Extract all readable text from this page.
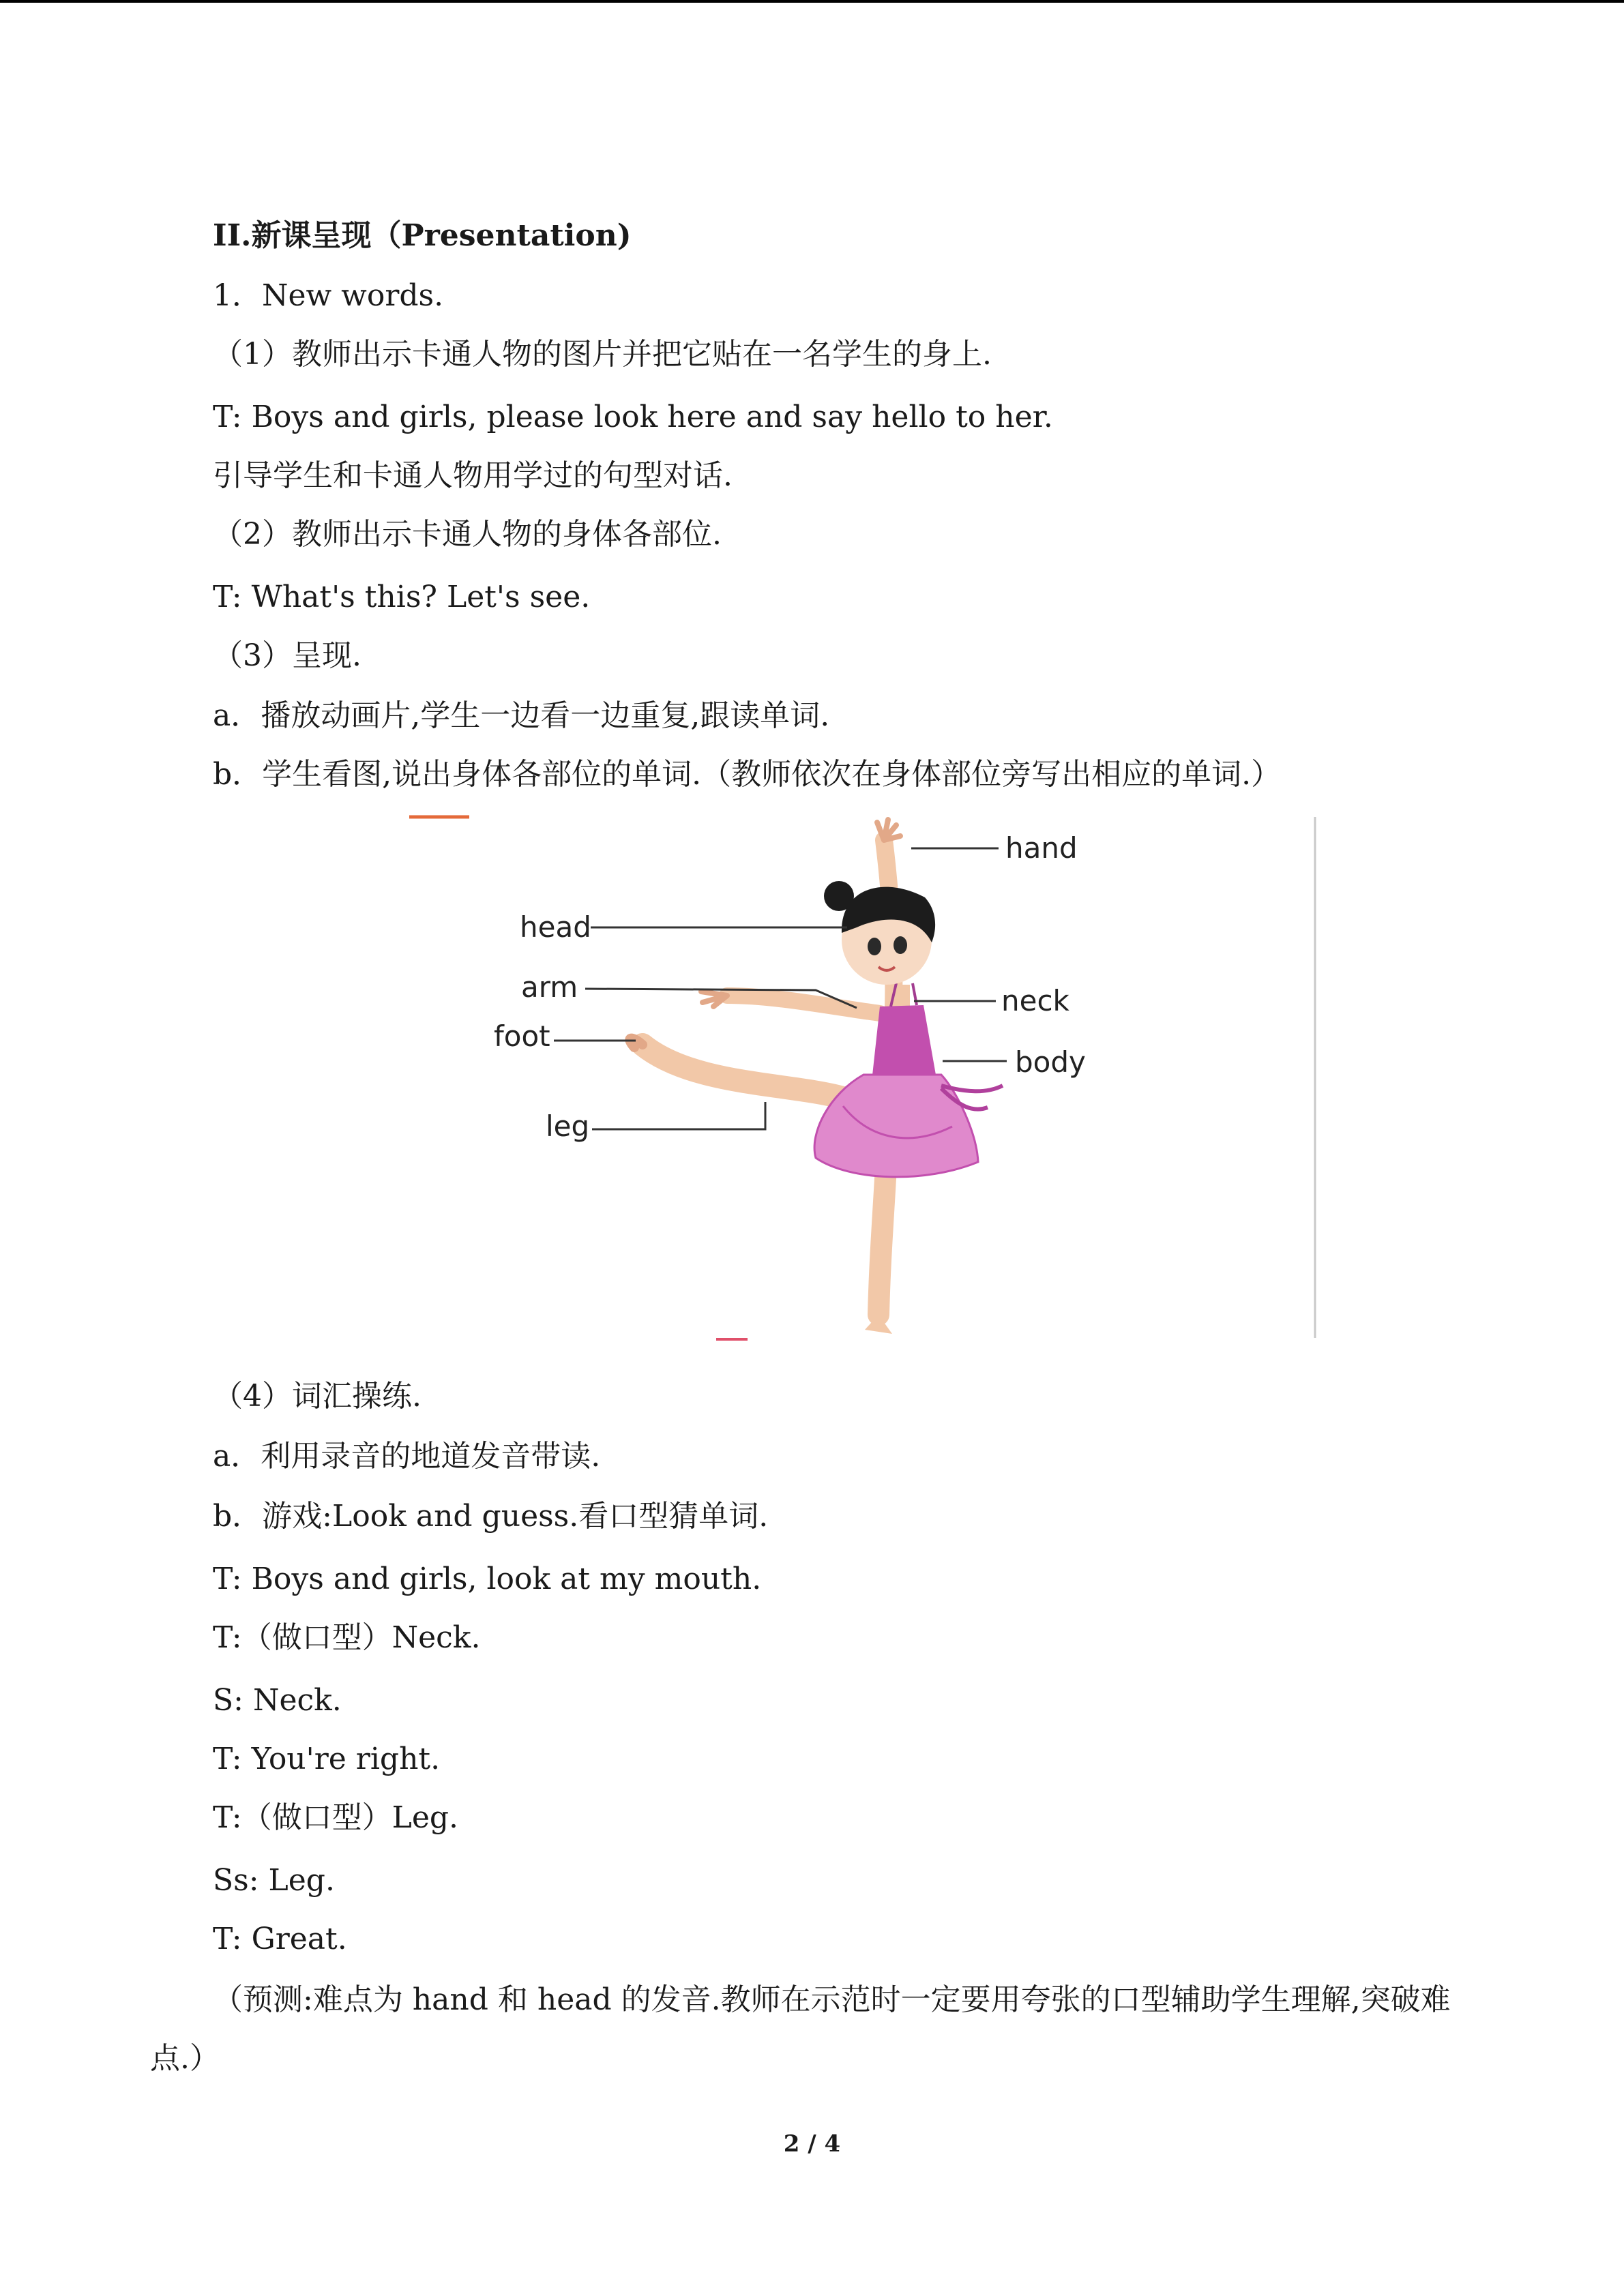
II.新课呈现（Presentation)

1．New words.

（1）教师出示卡通人物的图片并把它贴在一名学生的身上.

T: Boys and girls, please look here and say hello to her.

引导学生和卡通人物用学过的句型对话.

（2）教师出示卡通人物的身体各部位.

T: What's this? Let's see.

（3）呈现.

a．播放动画片,学生一边看一边重复,跟读单词.

b．学生看图,说出身体各部位的单词.（教师依次在身体部位旁写出相应的单词.）

hand
head
arm	neck
foot
body
leg

（4）词汇操练.

a．利用录音的地道发音带读.

b．游戏:Look and guess.看口型猜单词.

T: Boys and girls, look at my mouth.

T:（做口型）Neck.

S: Neck.

T: You're right.

T:（做口型）Leg.

Ss: Leg.

T: Great.

（预测:难点为 hand 和 head 的发音.教师在示范时一定要用夸张的口型辅助学生理解,突破难点.）

2 / 4
